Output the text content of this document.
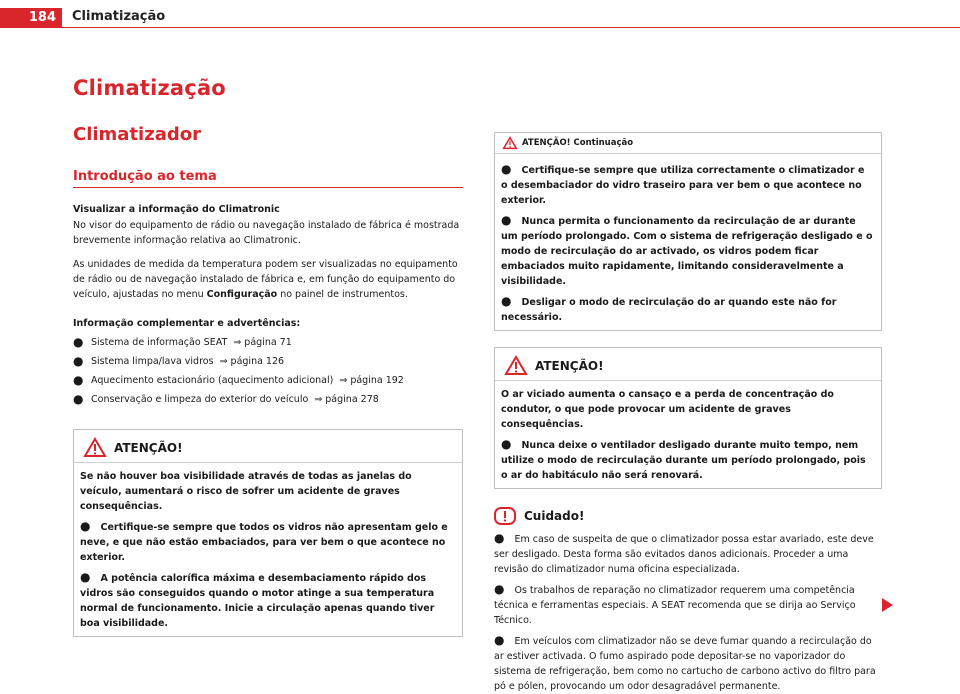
184	Climatização
Climatização
Climatizador
Introdução ao tema
Visualizar a informação do Climatronic

No visor do equipamento de rádio ou navegação instalado de fábrica é mostrada brevemente informação relativa ao Climatronic.

As unidades de medida da temperatura podem ser visualizadas no equipamento de rádio ou de navegação instalado de fábrica e, em função do equipamento do veículo, ajustadas no menu Configuração no painel de instrumentos.

Informação complementar e advertências:
● Sistema de informação SEAT ⇒ página 71
● Sistema limpa/lava vidros ⇒ página 126
● Aquecimento estacionário (aquecimento adicional) ⇒ página 192
● Conservação e limpeza do exterior do veículo ⇒ página 278
ATENÇÃO!

Se não houver boa visibilidade através de todas as janelas do veículo, aumentará o risco de sofrer um acidente de graves consequências.

● Certifique-se sempre que todos os vidros não apresentam gelo e neve, e que não estão embaciados, para ver bem o que acontece no exterior.
● A potência calorífica máxima e desembaciamento rápido dos vidros são conseguidos quando o motor atinge a sua temperatura normal de funcionamento. Inicie a circulação apenas quando tiver boa visibilidade.
ATENÇÃO! Continuação
● Certifique-se sempre que utiliza correctamente o climatizador e o desembaciador do vidro traseiro para ver bem o que acontece no exterior.
● Nunca permita o funcionamento da recirculação de ar durante um período prolongado. Com o sistema de refrigeração desligado e o modo de recirculação do ar activado, os vidros podem ficar embaciados muito rapidamente, limitando consideravelmente a visibilidade.
● Desligar o modo de recirculação do ar quando este não for necessário.
ATENÇÃO!

O ar viciado aumenta o cansaço e a perda de concentração do condutor, o que pode provocar um acidente de graves consequências.

● Nunca deixe o ventilador desligado durante muito tempo, nem utilize o modo de recirculação durante um período prolongado, pois o ar do habitáculo não será renovará.
Cuidado!
● Em caso de suspeita de que o climatizador possa estar avariado, este deve ser desligado. Desta forma são evitados danos adicionais. Proceder a uma revisão do climatizador numa oficina especializada.
● Os trabalhos de reparação no climatizador requerem uma competência técnica e ferramentas especiais. A SEAT recomenda que se dirija ao Serviço Técnico.
● Em veículos com climatizador não se deve fumar quando a recirculação do ar estiver activada. O fumo aspirado pode depositar-se no vaporizador do sistema de refrigeração, bem como no cartucho de carbono activo do filtro para pó e pólen, provocando um odor desagradável permanente.
